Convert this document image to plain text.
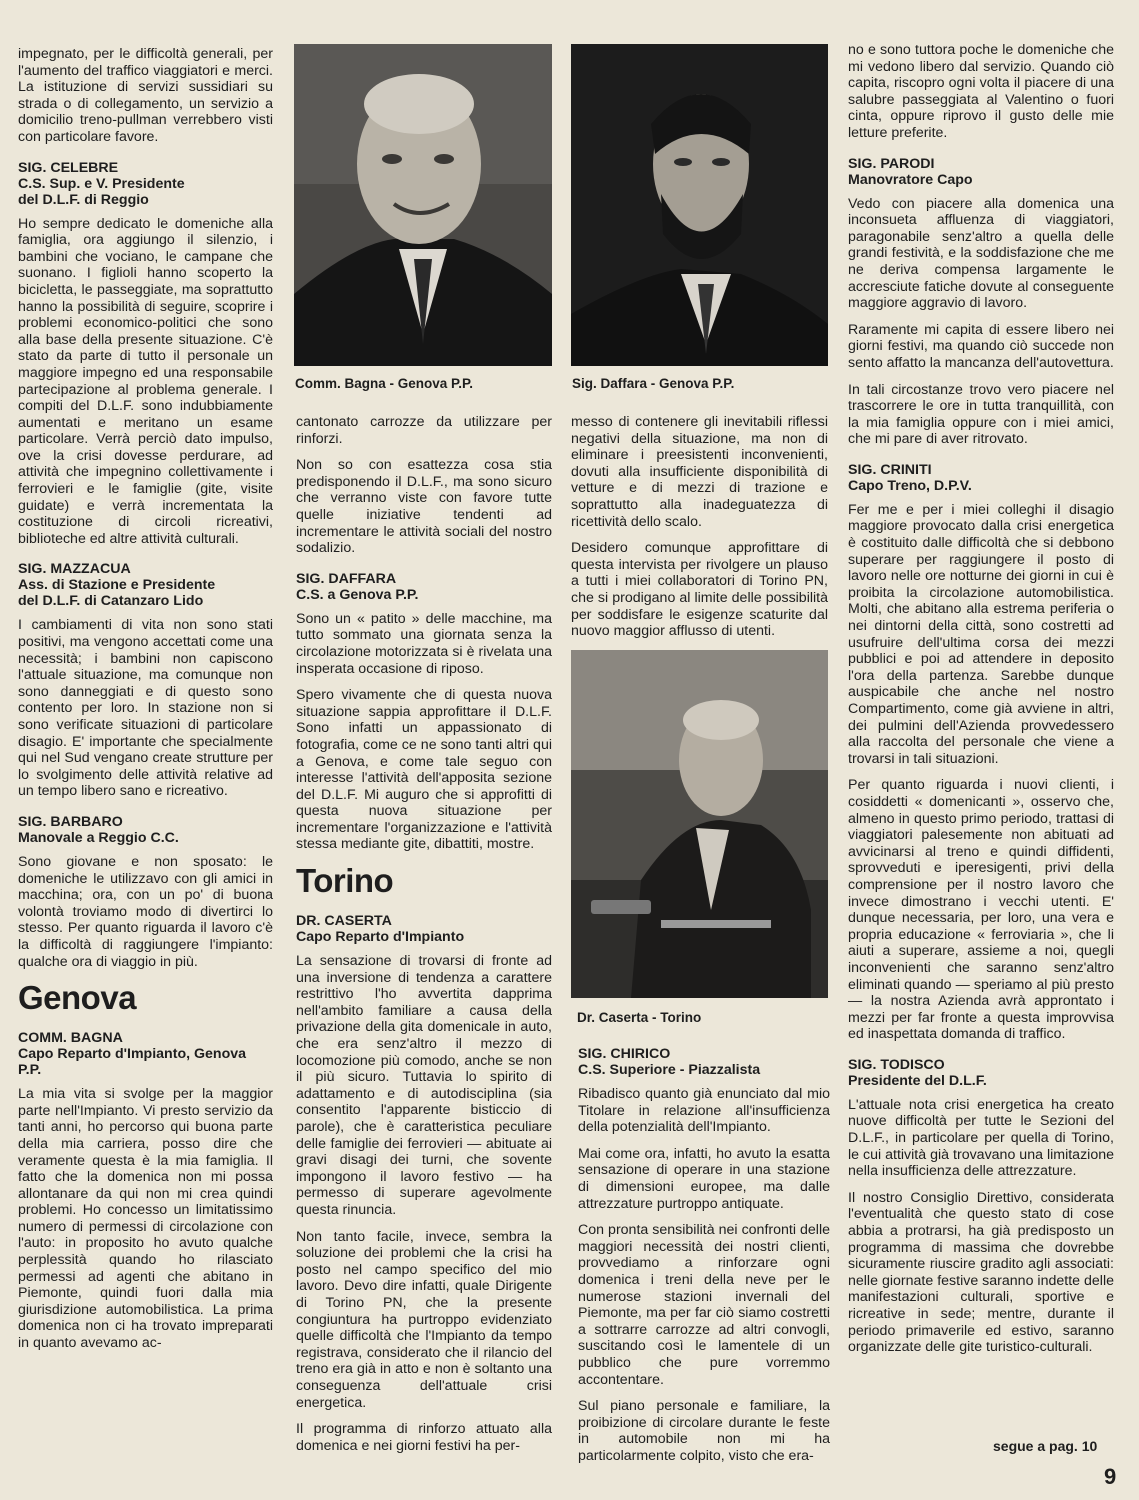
impegnato, per le difficoltà generali, per l'aumento del traffico viaggiatori e merci. La istituzione di servizi sussidiari su strada o di collegamento, un servizio a domicilio treno-pullman verrebbero visti con particolare favore.

SIG. CELEBRE
C.S. Sup. e V. Presidente
del D.L.F. di Reggio

Ho sempre dedicato le domeniche alla famiglia, ora aggiungo il silenzio, i bambini che vociano, le campane che suonano. I figlioli hanno scoperto la bicicletta, le passeggiate, ma soprattutto hanno la possibilità di seguire, scoprire i problemi economico-politici che sono alla base della presente situazione. C'è stato da parte di tutto il personale un maggiore impegno ed una responsabile partecipazione al problema generale. I compiti del D.L.F. sono indubbiamente aumentati e meritano un esame particolare. Verrà perciò dato impulso, ove la crisi dovesse perdurare, ad attività che impegnino collettivamente i ferrovieri e le famiglie (gite, visite guidate) e verrà incrementata la costituzione di circoli ricreativi, biblioteche ed altre attività culturali.

SIG. MAZZACUA
Ass. di Stazione e Presidente
del D.L.F. di Catanzaro Lido

I cambiamenti di vita non sono stati positivi, ma vengono accettati come una necessità; i bambini non capiscono l'attuale situazione, ma comunque non sono danneggiati e di questo sono contento per loro. In stazione non si sono verificate situazioni di particolare disagio. E' importante che specialmente qui nel Sud vengano create strutture per lo svolgimento delle attività relative ad un tempo libero sano e ricreativo.

SIG. BARBARO
Manovale a Reggio C.C.

Sono giovane e non sposato: le domeniche le utilizzavo con gli amici in macchina; ora, con un po' di buona volontà troviamo modo di divertirci lo stesso. Per quanto riguarda il lavoro c'è la difficoltà di raggiungere l'impianto: qualche ora di viaggio in più.

Genova
COMM. BAGNA
Capo Reparto d'Impianto, Genova P.P.

La mia vita si svolge per la maggior parte nell'Impianto. Vi presto servizio da tanti anni, ho percorso qui buona parte della mia carriera, posso dire che veramente questa è la mia famiglia. Il fatto che la domenica non mi possa allontanare da qui non mi crea quindi problemi. Ho concesso un limitatissimo numero di permessi di circolazione con l'auto: in proposito ho avuto qualche perplessità quando ho rilasciato permessi ad agenti che abitano in Piemonte, quindi fuori dalla mia giurisdizione automobilistica. La prima domenica non ci ha trovato impreparati in quanto avevamo ac-

Comm. Bagna - Genova P.P.

cantonato carrozze da utilizzare per rinforzi.

Non so con esattezza cosa stia predisponendo il D.L.F., ma sono sicuro che verranno viste con favore tutte quelle iniziative tendenti ad incrementare le attività sociali del nostro sodalizio.

SIG. DAFFARA
C.S. a Genova P.P.

Sono un « patito » delle macchine, ma tutto sommato una giornata senza la circolazione motorizzata si è rivelata una insperata occasione di riposo.

Spero vivamente che di questa nuova situazione sappia approfittare il D.L.F. Sono infatti un appassionato di fotografia, come ce ne sono tanti altri qui a Genova, e come tale seguo con interesse l'attività dell'apposita sezione del D.L.F. Mi auguro che si approfitti di questa nuova situazione per incrementare l'organizzazione e l'attività stessa mediante gite, dibattiti, mostre.

Torino
DR. CASERTA
Capo Reparto d'Impianto

La sensazione di trovarsi di fronte ad una inversione di tendenza a carattere restrittivo l'ho avvertita dapprima nell'ambito familiare a causa della privazione della gita domenicale in auto, che era senz'altro il mezzo di locomozione più comodo, anche se non il più sicuro. Tuttavia lo spirito di adattamento e di autodisciplina (sia consentito l'apparente bisticcio di parole), che è caratteristica peculiare delle famiglie dei ferrovieri — abituate ai gravi disagi dei turni, che sovente impongono il lavoro festivo — ha permesso di superare agevolmente questa rinuncia.

Non tanto facile, invece, sembra la soluzione dei problemi che la crisi ha posto nel campo specifico del mio lavoro. Devo dire infatti, quale Dirigente di Torino PN, che la presente congiuntura ha purtroppo evidenziato quelle difficoltà che l'Impianto da tempo registrava, considerato che il rilancio del treno era già in atto e non è soltanto una conseguenza dell'attuale crisi energetica.

Il programma di rinforzo attuato alla domenica e nei giorni festivi ha per-

Sig. Daffara - Genova P.P.

messo di contenere gli inevitabili riflessi negativi della situazione, ma non di eliminare i preesistenti inconvenienti, dovuti alla insufficiente disponibilità di vetture e di mezzi di trazione e soprattutto alla inadeguatezza di ricettività dello scalo.

Desidero comunque approfittare di questa intervista per rivolgere un plauso a tutti i miei collaboratori di Torino PN, che si prodigano al limite delle possibilità per soddisfare le esigenze scaturite dal nuovo maggior afflusso di utenti.

Dr. Caserta - Torino
SIG. CHIRICO
C.S. Superiore - Piazzalista

Ribadisco quanto già enunciato dal mio Titolare in relazione all'insufficienza della potenzialità dell'Impianto.

Mai come ora, infatti, ho avuto la esatta sensazione di operare in una stazione di dimensioni europee, ma dalle attrezzature purtroppo antiquate.

Con pronta sensibilità nei confronti delle maggiori necessità dei nostri clienti, provvediamo a rinforzare ogni domenica i treni della neve per le numerose stazioni invernali del Piemonte, ma per far ciò siamo costretti a sottrarre carrozze ad altri convogli, suscitando così le lamentele di un pubblico che pure vorremmo accontentare.

Sul piano personale e familiare, la proibizione di circolare durante le feste in automobile non mi ha particolarmente colpito, visto che era-

no e sono tuttora poche le domeniche che mi vedono libero dal servizio. Quando ciò capita, riscopro ogni volta il piacere di una salubre passeggiata al Valentino o fuori cinta, oppure riprovo il gusto delle mie letture preferite.

SIG. PARODI
Manovratore Capo

Vedo con piacere alla domenica una inconsueta affluenza di viaggiatori, paragonabile senz'altro a quella delle grandi festività, e la soddisfazione che me ne deriva compensa largamente le accresciute fatiche dovute al conseguente maggiore aggravio di lavoro.

Raramente mi capita di essere libero nei giorni festivi, ma quando ciò succede non sento affatto la mancanza dell'autovettura.

In tali circostanze trovo vero piacere nel trascorrere le ore in tutta tranquillità, con la mia famiglia oppure con i miei amici, che mi pare di aver ritrovato.

SIG. CRINITI
Capo Treno, D.P.V.

Fer me e per i miei colleghi il disagio maggiore provocato dalla crisi energetica è costituito dalle difficoltà che si debbono superare per raggiungere il posto di lavoro nelle ore notturne dei giorni in cui è proibita la circolazione automobilistica. Molti, che abitano alla estrema periferia o nei dintorni della città, sono costretti ad usufruire dell'ultima corsa dei mezzi pubblici e poi ad attendere in deposito l'ora della partenza. Sarebbe dunque auspicabile che anche nel nostro Compartimento, come già avviene in altri, dei pulmini dell'Azienda provvedessero alla raccolta del personale che viene a trovarsi in tali situazioni.

Per quanto riguarda i nuovi clienti, i cosiddetti « domenicanti », osservo che, almeno in questo primo periodo, trattasi di viaggiatori palesemente non abituati ad avvicinarsi al treno e quindi diffidenti, sprovveduti e iperesigenti, privi della comprensione per il nostro lavoro che invece dimostrano i vecchi utenti. E' dunque necessaria, per loro, una vera e propria educazione « ferroviaria », che li aiuti a superare, assieme a noi, quegli inconvenienti che saranno senz'altro eliminati quando — speriamo al più presto — la nostra Azienda avrà approntato i mezzi per far fronte a questa improvvisa ed inaspettata domanda di traffico.

SIG. TODISCO
Presidente del D.L.F.

L'attuale nota crisi energetica ha creato nuove difficoltà per tutte le Sezioni del D.L.F., in particolare per quella di Torino, le cui attività già trovavano una limitazione nella insufficienza delle attrezzature.

Il nostro Consiglio Direttivo, considerata l'eventualità che questo stato di cose abbia a protrarsi, ha già predisposto un programma di massima che dovrebbe sicuramente riuscire gradito agli associati: nelle giornate festive saranno indette delle manifestazioni culturali, sportive e ricreative in sede; mentre, durante il periodo primaverile ed estivo, saranno organizzate delle gite turistico-culturali.

segue a pag. 10
9
